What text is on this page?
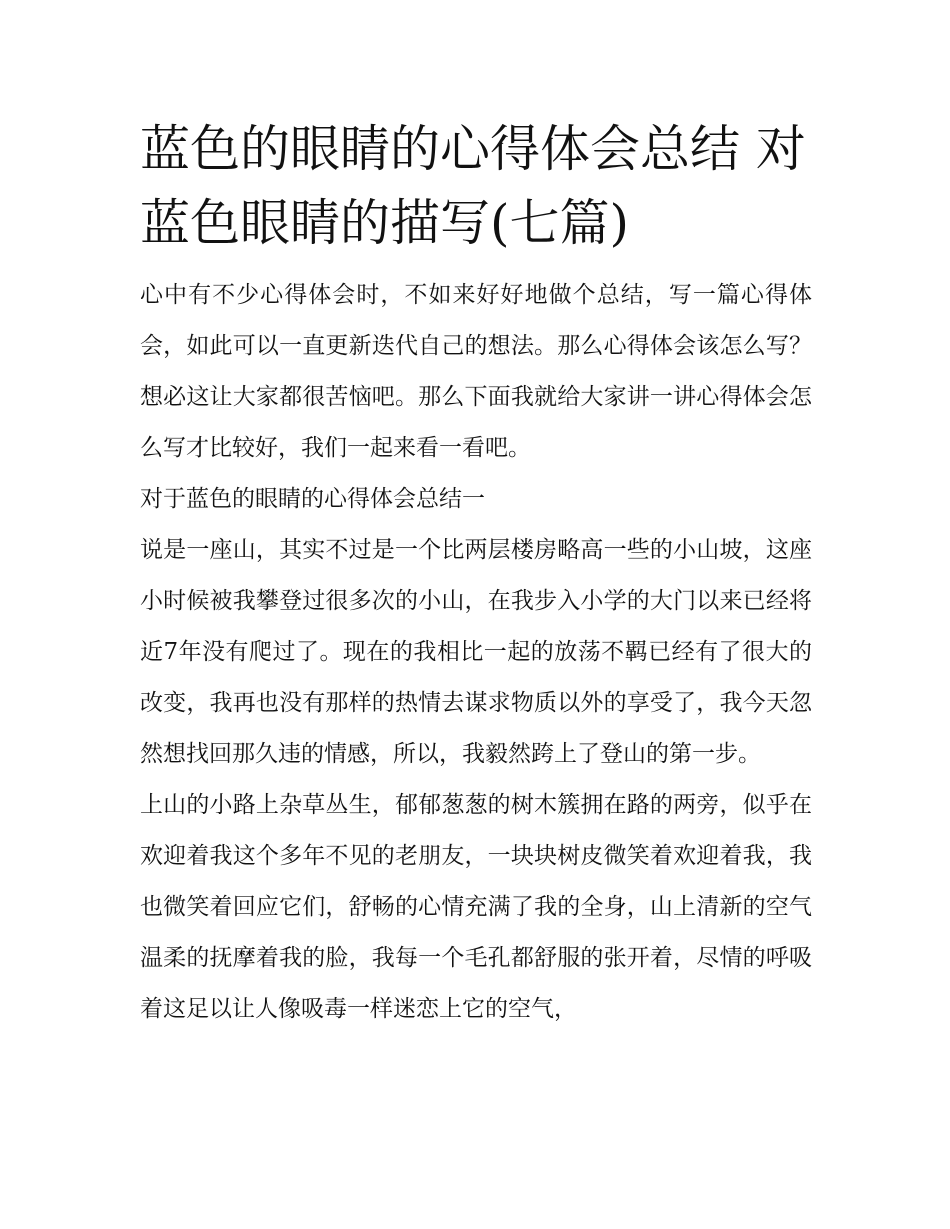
蓝色的眼睛的心得体会总结 对蓝色眼睛的描写(七篇)

心中有不少心得体会时，不如来好好地做个总结，写一篇心得体会，如此可以一直更新迭代自己的想法。那么心得体会该怎么写？想必这让大家都很苦恼吧。那么下面我就给大家讲一讲心得体会怎么写才比较好，我们一起来看一看吧。

对于蓝色的眼睛的心得体会总结一

说是一座山，其实不过是一个比两层楼房略高一些的小山坡，这座小时候被我攀登过很多次的小山，在我步入小学的大门以来已经将近7年没有爬过了。现在的我相比一起的放荡不羁已经有了很大的改变，我再也没有那样的热情去谋求物质以外的享受了，我今天忽然想找回那久违的情感，所以，我毅然跨上了登山的第一步。

上山的小路上杂草丛生，郁郁葱葱的树木簇拥在路的两旁，似乎在欢迎着我这个多年不见的老朋友，一块块树皮微笑着欢迎着我，我也微笑着回应它们，舒畅的心情充满了我的全身，山上清新的空气温柔的抚摩着我的脸，我每一个毛孔都舒服的张开着，尽情的呼吸着这足以让人像吸毒一样迷恋上它的空气，
